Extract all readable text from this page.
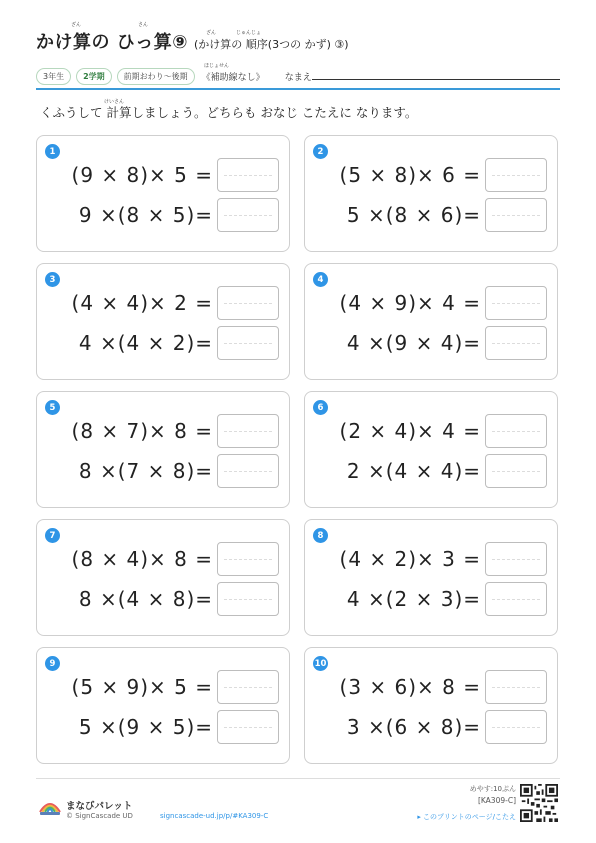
かけ算の ひっ算⑨ (かけ算の 順序(3つの かず) ③)
ざん	さん
ざん	じゅんじょ
3年生	2学期	前期おわり〜後期	《補助線なし》 なまえ
ほじょせん
けいさん
くふうして 計算しましょう。どちらも おなじ こたえに なります。
1
(9 × 8)× 5 =
9 ×(8 × 5)=
2
(5 × 8)× 6 =
5 ×(8 × 6)=
3
(4 × 4)× 2 =
4 ×(4 × 2)=
4
(4 × 9)× 4 =
4 ×(9 × 4)=
5
(8 × 7)× 8 =
8 ×(7 × 8)=
6
(2 × 4)× 4 =
2 ×(4 × 4)=
7
(8 × 4)× 8 =
8 ×(4 × 8)=
8
(4 × 2)× 3 =
4 ×(2 × 3)=
9
(5 × 9)× 5 =
5 ×(9 × 5)=
10
(3 × 6)× 8 =
3 ×(6 × 8)=
まなびパレット
© SignCascade UD	signcascade-ud.jp/p/#KA309-C
めやす:10ぷん
[KA309-C]
▸ このプリントのページ/こたえ
